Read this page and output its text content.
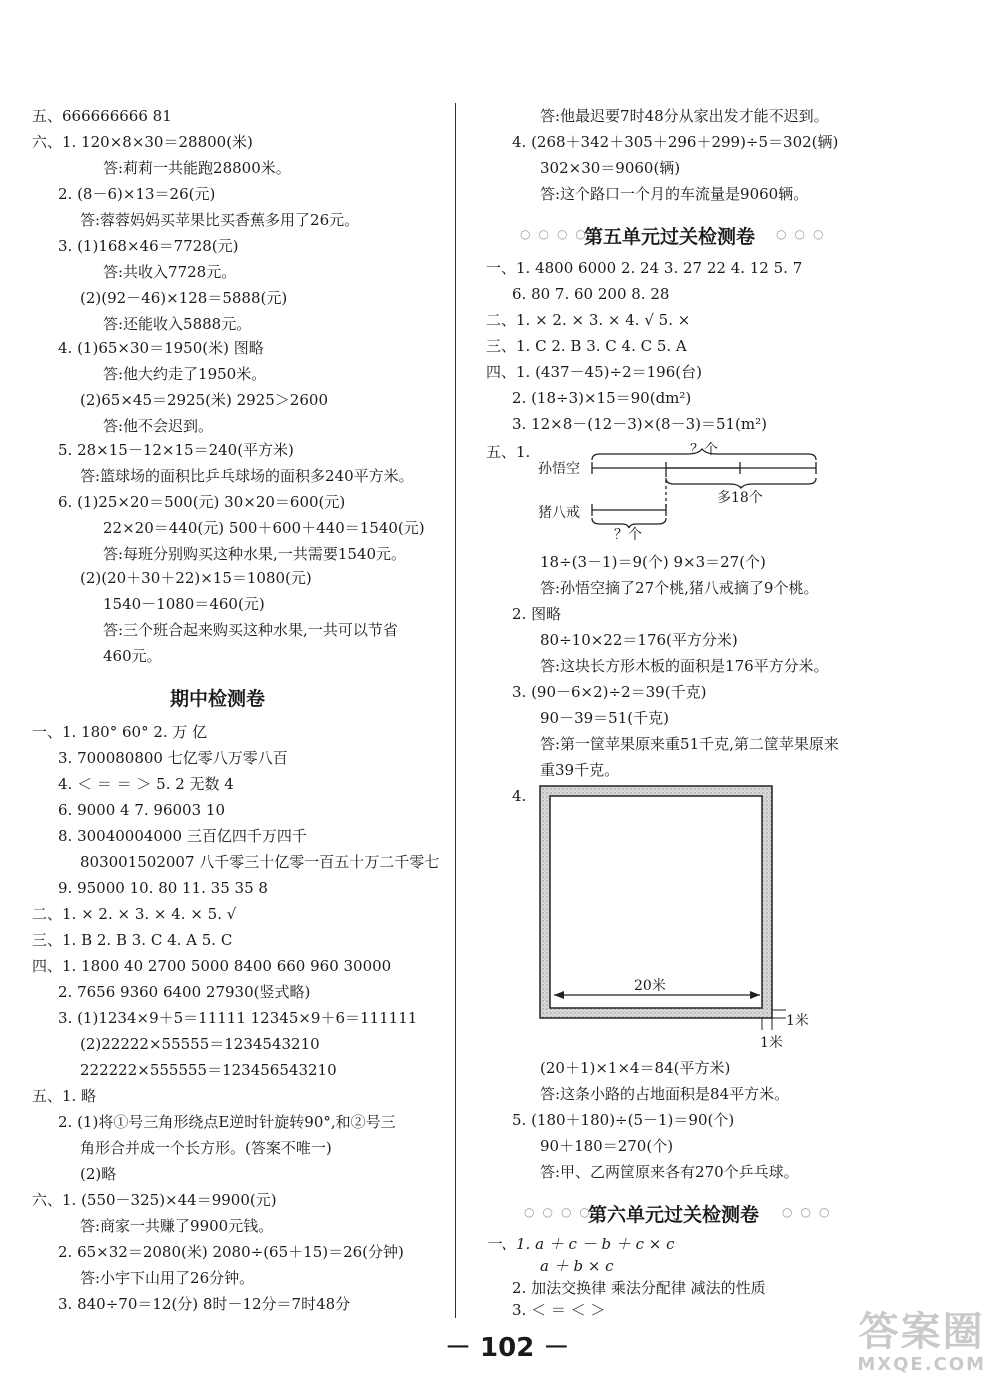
五、666666666 81
六、1. 120×8×30＝28800(米)
答:莉莉一共能跑28800米。
2. (8－6)×13＝26(元)
答:蓉蓉妈妈买苹果比买香蕉多用了26元。
3. (1)168×46＝7728(元)
答:共收入7728元。
(2)(92－46)×128＝5888(元)
答:还能收入5888元。
4. (1)65×30＝1950(米) 图略
答:他大约走了1950米。
(2)65×45＝2925(米) 2925＞2600
答:他不会迟到。
5. 28×15－12×15＝240(平方米)
答:篮球场的面积比乒乓球场的面积多240平方米。
6. (1)25×20＝500(元) 30×20＝600(元)
22×20＝440(元) 500＋600＋440＝1540(元)
答:每班分别购买这种水果,一共需要1540元。
(2)(20＋30＋22)×15＝1080(元)
1540－1080＝460(元)
答:三个班合起来购买这种水果,一共可以节省
460元。
期中检测卷
一、1. 180° 60° 2. 万 亿
3. 700080800 七亿零八万零八百
4. ＜ ＝ ＝ ＞ 5. 2 无数 4
6. 9000 4 7. 96003 10
8. 30040004000 三百亿四千万四千
803001502007 八千零三十亿零一百五十万二千零七
9. 95000 10. 80 11. 35 35 8
二、1. × 2. × 3. × 4. × 5. √
三、1. B 2. B 3. C 4. A 5. C
四、1. 1800 40 2700 5000 8400 660 960 30000
2. 7656 9360 6400 27930(竖式略)
3. (1)1234×9＋5＝11111 12345×9＋6＝111111
(2)22222×55555＝1234543210
222222×555555＝123456543210
五、1. 略
2. (1)将①号三角形绕点E逆时针旋转90°,和②号三
角形合并成一个长方形。(答案不唯一)
(2)略
六、1. (550－325)×44＝9900(元)
答:商家一共赚了9900元钱。
2. 65×32＝2080(米) 2080÷(65＋15)＝26(分钟)
答:小宇下山用了26分钟。
3. 840÷70＝12(分) 8时－12分＝7时48分
答:他最迟要7时48分从家出发才能不迟到。
4. (268＋342＋305＋296＋299)÷5＝302(辆)
302×30＝9060(辆)
答:这个路口一个月的车流量是9060辆。
○○○○
第五单元过关检测卷 ○○○
一、1. 4800 6000 2. 24 3. 27 22 4. 12 5. 7
6. 80 7. 60 200 8. 28
二、1. × 2. × 3. × 4. √ 5. ×
三、1. C 2. B 3. C 4. C 5. A
四、1. (437－45)÷2＝196(台)
2. (18÷3)×15＝90(dm²)
3. 12×8－(12－3)×(8－3)＝51(m²)
五、1.	？个
孙悟空
猪八戒
多18个
？个
18÷(3－1)＝9(个) 9×3＝27(个)
答:孙悟空摘了27个桃,猪八戒摘了9个桃。
2. 图略
80÷10×22＝176(平方分米)
答:这块长方形木板的面积是176平方分米。
3. (90－6×2)÷2＝39(千克)
90－39＝51(千克)
答:第一筐苹果原来重51千克,第二筐苹果原来
重39千克。
4.
20米
1米
1米
(20＋1)×1×4＝84(平方米)
答:这条小路的占地面积是84平方米。
5. (180＋180)÷(5－1)＝90(个)
90＋180＝270(个)
答:甲、乙两筐原来各有270个乒乓球。
○○○○
第六单元过关检测卷 ○○○
一、1. a ＋ c － b ＋ c × c
a ＋ b × c
2. 加法交换律 乘法分配律 减法的性质
3. ＜ ＝ ＜ ＞
－ 102 －	答案圈
MXQE.COM
